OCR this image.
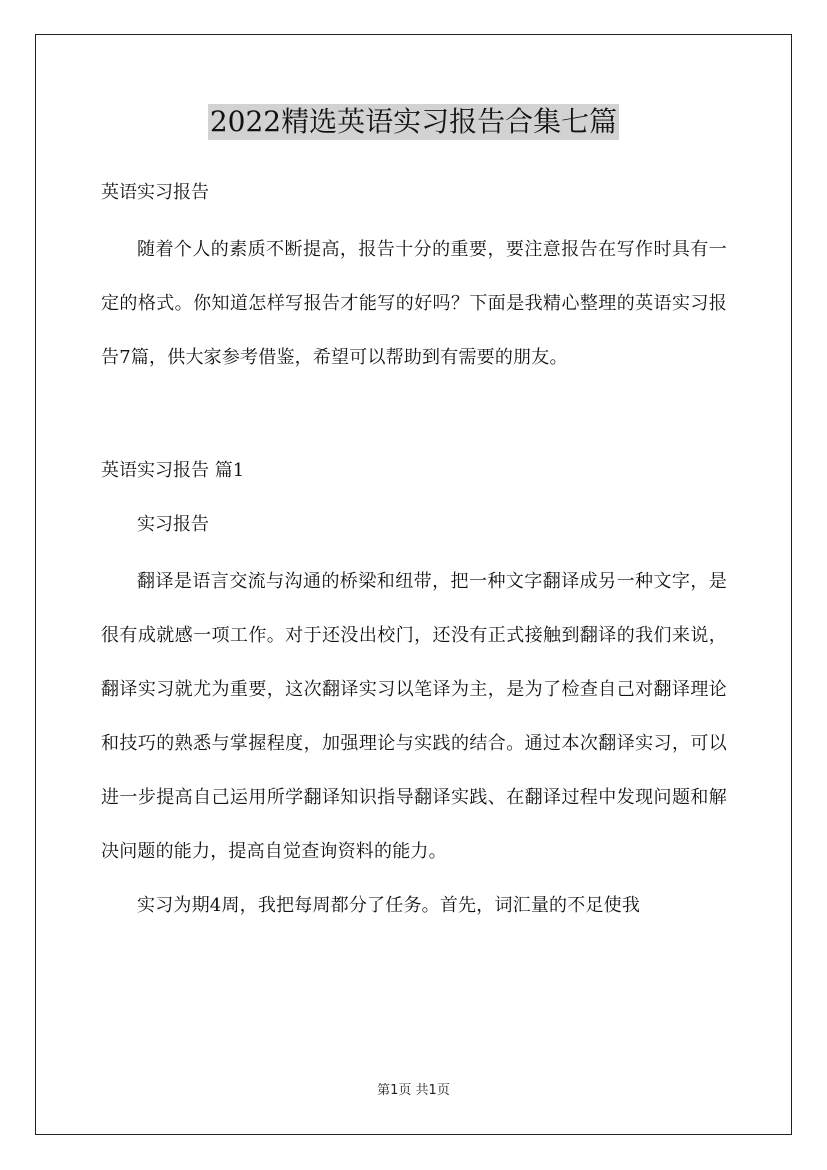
2022精选英语实习报告合集七篇

英语实习报告

随着个人的素质不断提高，报告十分的重要，要注意报告在写作时具有一定的格式。你知道怎样写报告才能写的好吗？下面是我精心整理的英语实习报告7篇，供大家参考借鉴，希望可以帮助到有需要的朋友。

英语实习报告 篇1

实习报告

翻译是语言交流与沟通的桥梁和纽带，把一种文字翻译成另一种文字，是很有成就感一项工作。对于还没出校门，还没有正式接触到翻译的我们来说，翻译实习就尤为重要，这次翻译实习以笔译为主，是为了检查自己对翻译理论和技巧的熟悉与掌握程度，加强理论与实践的结合。通过本次翻译实习，可以进一步提高自己运用所学翻译知识指导翻译实践、在翻译过程中发现问题和解决问题的能力，提高自觉查询资料的能力。

实习为期4周，我把每周都分了任务。首先，词汇量的不足使我

第1页 共1页
